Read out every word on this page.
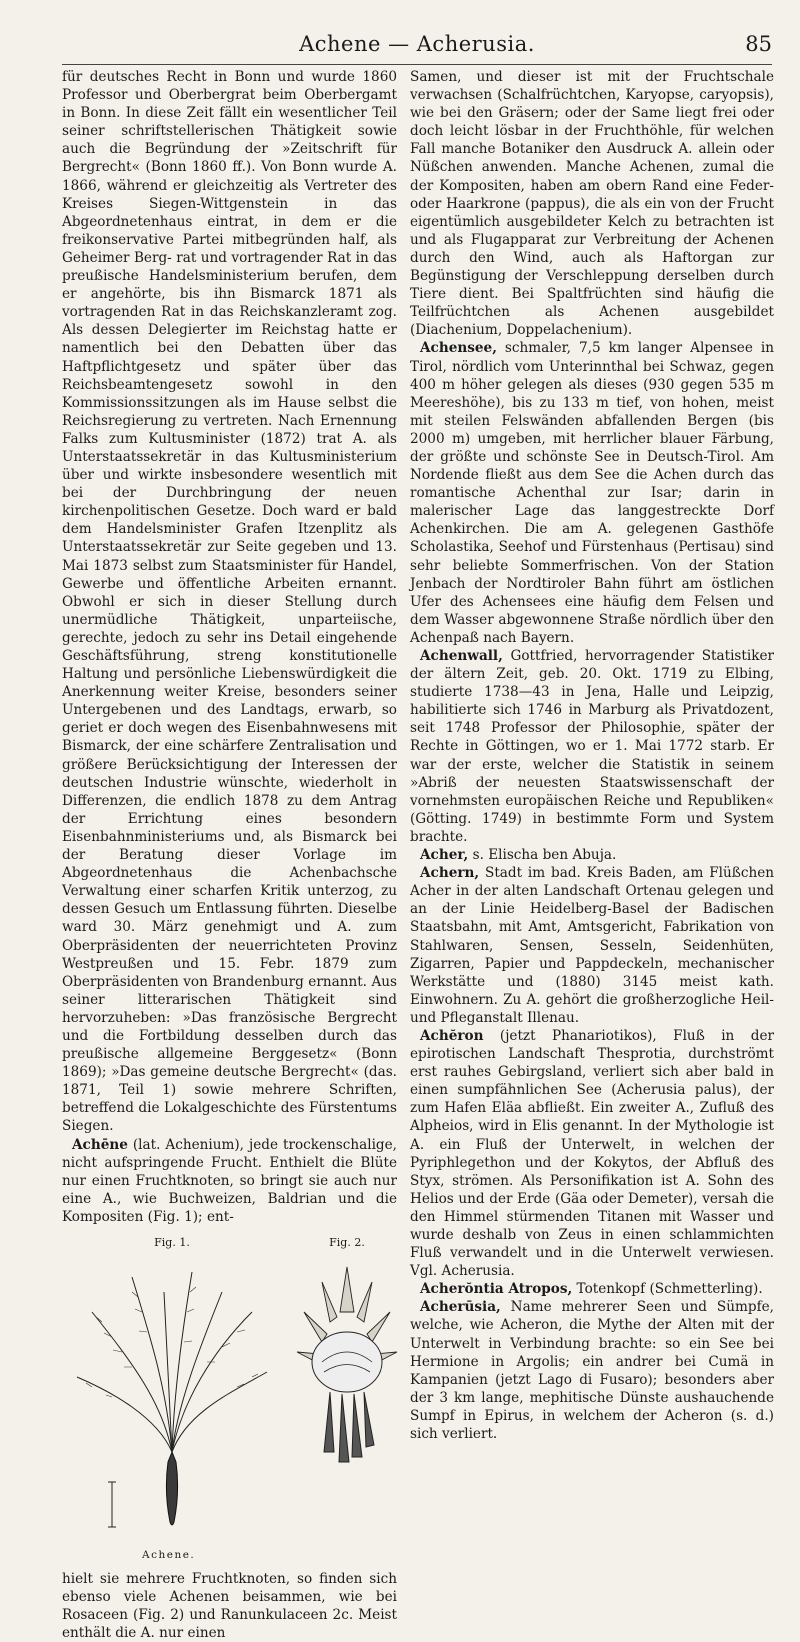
Achene — Acherusia.	85

für deutsches Recht in Bonn und wurde 1860 Professor und Oberbergrat beim Oberbergamt in Bonn. In diese Zeit fällt ein wesentlicher Teil seiner schriftstellerischen Thätigkeit sowie auch die Begründung der »Zeitschrift für Bergrecht« (Bonn 1860 ff.). Von Bonn wurde A. 1866, während er gleichzeitig als Vertreter des Kreises Siegen-Wittgenstein in das Abgeordnetenhaus eintrat, in dem er die freikonservative Partei mitbegründen half, als Geheimer Berg- rat und vortragender Rat in das preußische Handelsministerium berufen, dem er angehörte, bis ihn Bismarck 1871 als vortragenden Rat in das Reichskanzleramt zog. Als dessen Delegierter im Reichstag hatte er namentlich bei den Debatten über das Haftpflichtgesetz und später über das Reichsbeamtengesetz sowohl in den Kommissionssitzungen als im Hause selbst die Reichsregierung zu vertreten. Nach Ernennung Falks zum Kultusminister (1872) trat A. als Unterstaatssekretär in das Kultusministerium über und wirkte insbesondere wesentlich mit bei der Durchbringung der neuen kirchenpolitischen Gesetze. Doch ward er bald dem Handelsminister Grafen Itzenplitz als Unterstaatssekretär zur Seite gegeben und 13. Mai 1873 selbst zum Staatsminister für Handel, Gewerbe und öffentliche Arbeiten ernannt. Obwohl er sich in dieser Stellung durch unermüdliche Thätigkeit, unparteiische, gerechte, jedoch zu sehr ins Detail eingehende Geschäftsführung, streng konstitutionelle Haltung und persönliche Liebenswürdigkeit die Anerkennung weiter Kreise, besonders seiner Untergebenen und des Landtags, erwarb, so geriet er doch wegen des Eisenbahnwesens mit Bismarck, der eine schärfere Zentralisation und größere Berücksichtigung der Interessen der deutschen Industrie wünschte, wiederholt in Differenzen, die endlich 1878 zu dem Antrag der Errichtung eines besondern Eisenbahnministeriums und, als Bismarck bei der Beratung dieser Vorlage im Abgeordnetenhaus die Achenbachsche Verwaltung einer scharfen Kritik unterzog, zu dessen Gesuch um Entlassung führten. Dieselbe ward 30. März genehmigt und A. zum Oberpräsidenten der neuerrichteten Provinz Westpreußen und 15. Febr. 1879 zum Oberpräsidenten von Brandenburg ernannt. Aus seiner litterarischen Thätigkeit sind hervorzuheben: »Das französische Bergrecht und die Fortbildung desselben durch das preußische allgemeine Berggesetz« (Bonn 1869); »Das gemeine deutsche Bergrecht« (das. 1871, Teil 1) sowie mehrere Schriften, betreffend die Lokalgeschichte des Fürstentums Siegen.

Achēne (lat. Achenium), jede trockenschalige, nicht aufspringende Frucht. Enthielt die Blüte nur einen Fruchtknoten, so bringt sie auch nur eine A., wie Buchweizen, Baldrian und die Kompositen (Fig. 1); ent-

Fig. 1.	Fig. 2.
Achene.

hielt sie mehrere Fruchtknoten, so finden sich ebenso viele Achenen beisammen, wie bei Rosaceen (Fig. 2) und Ranunkulaceen 2c. Meist enthält die A. nur einen

Samen, und dieser ist mit der Fruchtschale verwachsen (Schalfrüchtchen, Karyopse, caryopsis), wie bei den Gräsern; oder der Same liegt frei oder doch leicht lösbar in der Fruchthöhle, für welchen Fall manche Botaniker den Ausdruck A. allein oder Nüßchen anwenden. Manche Achenen, zumal die der Kompositen, haben am obern Rand eine Feder- oder Haarkrone (pappus), die als ein von der Frucht eigentümlich ausgebildeter Kelch zu betrachten ist und als Flugapparat zur Verbreitung der Achenen durch den Wind, auch als Haftorgan zur Begünstigung der Verschleppung derselben durch Tiere dient. Bei Spaltfrüchten sind häufig die Teilfrüchtchen als Achenen ausgebildet (Diachenium, Doppelachenium).

Achensee, schmaler, 7,5 km langer Alpensee in Tirol, nördlich vom Unterinnthal bei Schwaz, gegen 400 m höher gelegen als dieses (930 gegen 535 m Meereshöhe), bis zu 133 m tief, von hohen, meist mit steilen Felswänden abfallenden Bergen (bis 2000 m) umgeben, mit herrlicher blauer Färbung, der größte und schönste See in Deutsch-Tirol. Am Nordende fließt aus dem See die Achen durch das romantische Achenthal zur Isar; darin in malerischer Lage das langgestreckte Dorf Achenkirchen. Die am A. gelegenen Gasthöfe Scholastika, Seehof und Fürstenhaus (Pertisau) sind sehr beliebte Sommerfrischen. Von der Station Jenbach der Nordtiroler Bahn führt am östlichen Ufer des Achensees eine häufig dem Felsen und dem Wasser abgewonnene Straße nördlich über den Achenpaß nach Bayern.

Achenwall, Gottfried, hervorragender Statistiker der ältern Zeit, geb. 20. Okt. 1719 zu Elbing, studierte 1738—43 in Jena, Halle und Leipzig, habilitierte sich 1746 in Marburg als Privatdozent, seit 1748 Professor der Philosophie, später der Rechte in Göttingen, wo er 1. Mai 1772 starb. Er war der erste, welcher die Statistik in seinem »Abriß der neuesten Staatswissenschaft der vornehmsten europäischen Reiche und Republiken« (Götting. 1749) in bestimmte Form und System brachte.

Acher, s. Elischa ben Abuja.

Achern, Stadt im bad. Kreis Baden, am Flüßchen Acher in der alten Landschaft Ortenau gelegen und an der Linie Heidelberg-Basel der Badischen Staatsbahn, mit Amt, Amtsgericht, Fabrikation von Stahlwaren, Sensen, Sesseln, Seidenhüten, Zigarren, Papier und Pappdeckeln, mechanischer Werkstätte und (1880) 3145 meist kath. Einwohnern. Zu A. gehört die großherzogliche Heil- und Pfleganstalt Illenau.

Achĕron (jetzt Phanariotikos), Fluß in der epirotischen Landschaft Thesprotia, durchströmt erst rauhes Gebirgsland, verliert sich aber bald in einen sumpfähnlichen See (Acherusia palus), der zum Hafen Eläa abfließt. Ein zweiter A., Zufluß des Alpheios, wird in Elis genannt. In der Mythologie ist A. ein Fluß der Unterwelt, in welchen der Pyriphlegethon und der Kokytos, der Abfluß des Styx, strömen. Als Personifikation ist A. Sohn des Helios und der Erde (Gäa oder Demeter), versah die den Himmel stürmenden Titanen mit Wasser und wurde deshalb von Zeus in einen schlammichten Fluß verwandelt und in die Unterwelt verwiesen. Vgl. Acherusia.

Acherŏntia Atropos, Totenkopf (Schmetterling).

Acherūsia, Name mehrerer Seen und Sümpfe, welche, wie Acheron, die Mythe der Alten mit der Unterwelt in Verbindung brachte: so ein See bei Hermione in Argolis; ein andrer bei Cumä in Kampanien (jetzt Lago di Fusaro); besonders aber der 3 km lange, mephitische Dünste aushauchende Sumpf in Epirus, in welchem der Acheron (s. d.) sich verliert.
